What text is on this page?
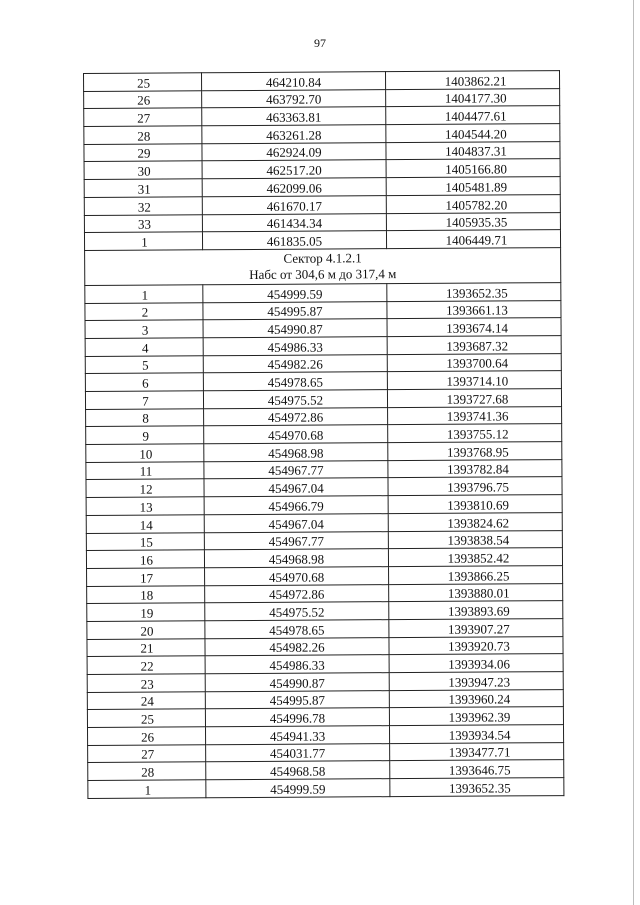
97
25	464210.84	1403862.21
26	463792.70	1404177.30
27	463363.81	1404477.61
28	463261.28	1404544.20
29	462924.09	1404837.31
30	462517.20	1405166.80
31	462099.06	1405481.89
32	461670.17	1405782.20
33	461434.34	1405935.35
1	461835.05	1406449.71

Сектор 4.1.2.1
Набс от 304,6 м до 317,4 м		

1	454999.59	1393652.35
2	454995.87	1393661.13
3	454990.87	1393674.14
4	454986.33	1393687.32
5	454982.26	1393700.64
6	454978.65	1393714.10
7	454975.52	1393727.68
8	454972.86	1393741.36
9	454970.68	1393755.12
10	454968.98	1393768.95
11	454967.77	1393782.84
12	454967.04	1393796.75
13	454966.79	1393810.69
14	454967.04	1393824.62
15	454967.77	1393838.54
16	454968.98	1393852.42
17	454970.68	1393866.25
18	454972.86	1393880.01
19	454975.52	1393893.69
20	454978.65	1393907.27
21	454982.26	1393920.73
22	454986.33	1393934.06
23	454990.87	1393947.23
24	454995.87	1393960.24
25	454996.78	1393962.39
26	454941.33	1393934.54
27	454031.77	1393477.71
28	454968.58	1393646.75
1	454999.59	1393652.35
